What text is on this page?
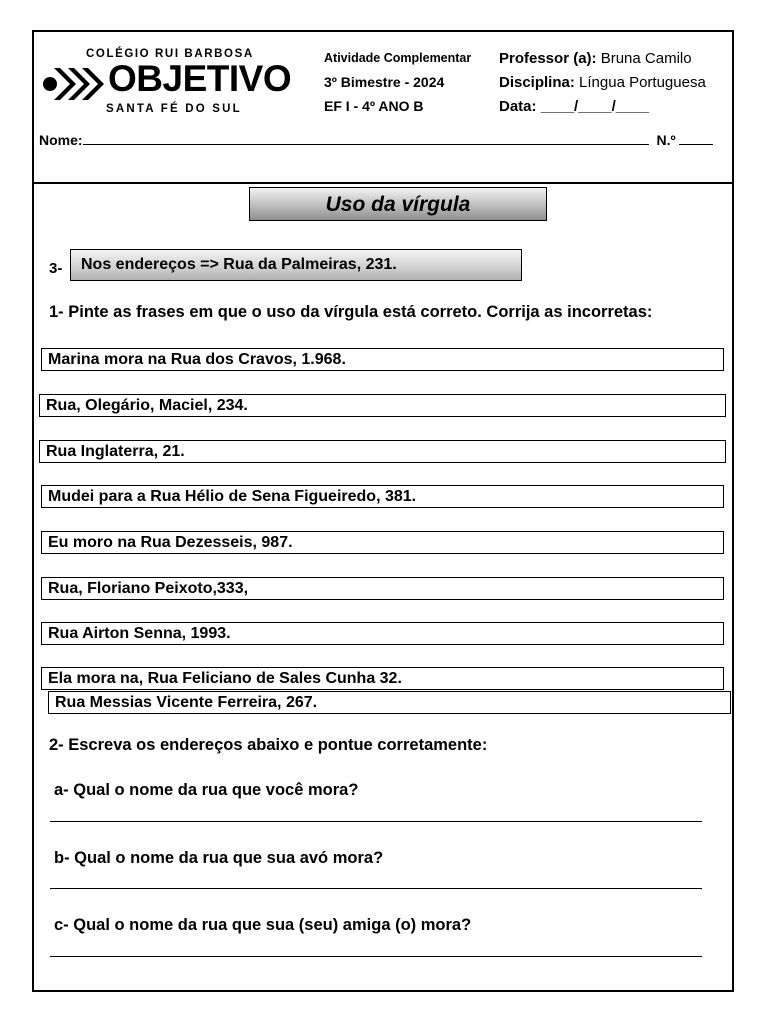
COLÉGIO RUI BARBOSA
OBJETIVO
SANTA FÉ DO SUL
Atividade Complementar
3º Bimestre - 2024
EF I - 4º ANO B
Professor (a): Bruna Camilo
Disciplina: Língua Portuguesa
Data: ____/____/____
Nome:	N.º
Uso da vírgula
3-	Nos endereços => Rua da Palmeiras, 231.
1- Pinte as frases em que o uso da vírgula está correto. Corrija as incorretas:
Marina mora na Rua dos Cravos, 1.968.
Rua, Olegário, Maciel, 234.
Rua Inglaterra, 21.
Mudei para a Rua Hélio de Sena Figueiredo, 381.
Eu moro na Rua Dezesseis, 987.
Rua, Floriano Peixoto,333,
Rua Airton Senna, 1993.
Ela mora na, Rua Feliciano de Sales Cunha 32.
Rua Messias Vicente Ferreira, 267.
2- Escreva os endereços abaixo e pontue corretamente:
a- Qual o nome da rua que você mora?
b- Qual o nome da rua que sua avó mora?
c- Qual o nome da rua que sua (seu) amiga (o) mora?
